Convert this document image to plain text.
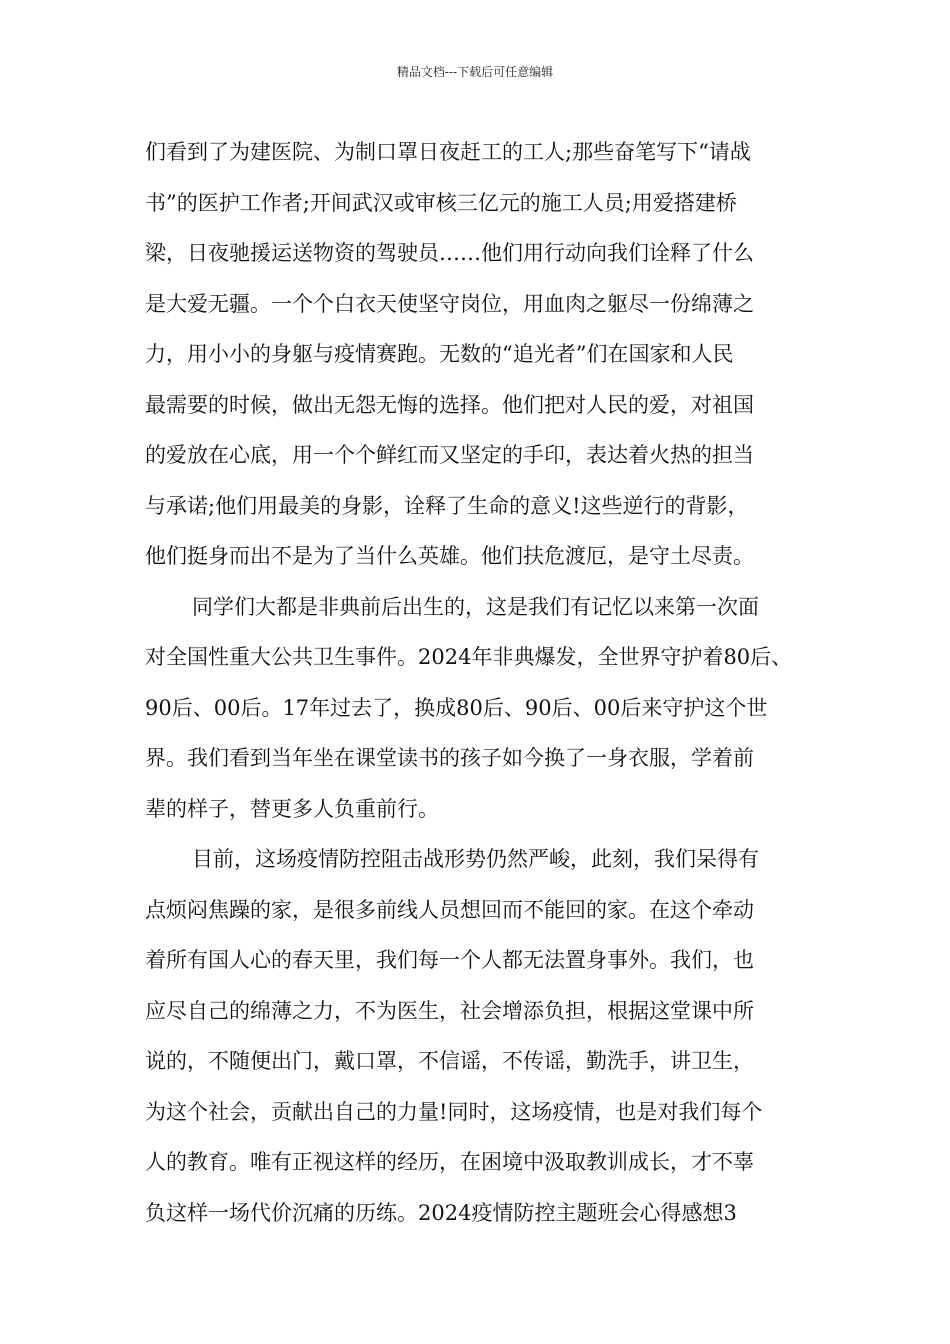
精品文档---下载后可任意编辑
们看到了为建医院、为制口罩日夜赶工的工人;那些奋笔写下“请战
书”的医护工作者;开间武汉或审核三亿元的施工人员;用爱搭建桥
梁，日夜驰援运送物资的驾驶员……他们用行动向我们诠释了什么
是大爱无疆。一个个白衣天使坚守岗位，用血肉之躯尽一份绵薄之
力，用小小的身躯与疫情赛跑。无数的“追光者”们在国家和人民
最需要的时候，做出无怨无悔的选择。他们把对人民的爱，对祖国
的爱放在心底，用一个个鲜红而又坚定的手印，表达着火热的担当
与承诺;他们用最美的身影，诠释了生命的意义!这些逆行的背影，
他们挺身而出不是为了当什么英雄。他们扶危渡厄，是守土尽责。
同学们大都是非典前后出生的，这是我们有记忆以来第一次面
对全国性重大公共卫生事件。2024年非典爆发，全世界守护着80后、
90后、00后。17年过去了，换成80后、90后、00后来守护这个世
界。我们看到当年坐在课堂读书的孩子如今换了一身衣服，学着前
辈的样子，替更多人负重前行。
目前，这场疫情防控阻击战形势仍然严峻，此刻，我们呆得有
点烦闷焦躁的家，是很多前线人员想回而不能回的家。在这个牵动
着所有国人心的春天里，我们每一个人都无法置身事外。我们，也
应尽自己的绵薄之力，不为医生，社会增添负担，根据这堂课中所
说的，不随便出门，戴口罩，不信谣，不传谣，勤洗手，讲卫生，
为这个社会，贡献出自己的力量!同时，这场疫情，也是对我们每个
人的教育。唯有正视这样的经历，在困境中汲取教训成长，才不辜
负这样一场代价沉痛的历练。2024疫情防控主题班会心得感想3
